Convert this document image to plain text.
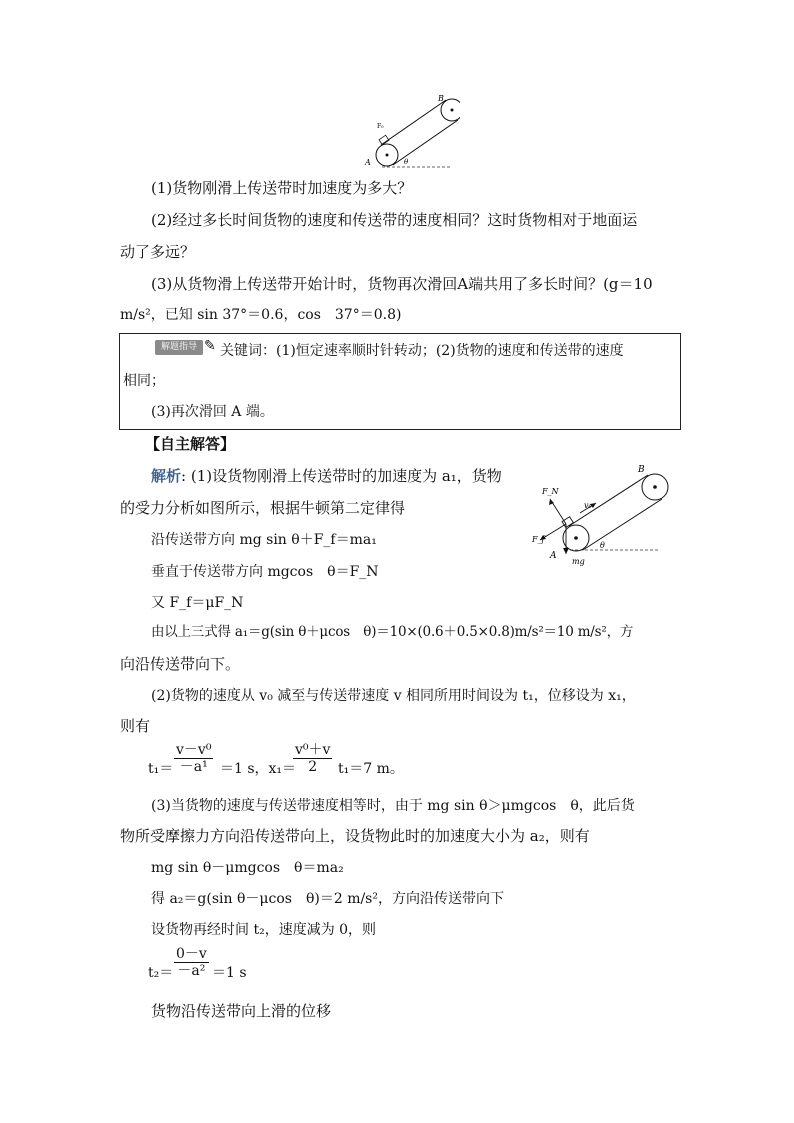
B
A
F₀
θ
(1)货物刚滑上传送带时加速度为多大？
(2)经过多长时间货物的速度和传送带的速度相同？这时货物相对于地面运
动了多远？
(3)从货物滑上传送带开始计时，货物再次滑回A端共用了多长时间？(g＝10
m/s²，已知 sin 37°＝0.6，cos　37°＝0.8)
解题指导 ✎ 关键词：(1)恒定速率顺时针转动；(2)货物的速度和传送带的速度
相同；
(3)再次滑回 A 端。
【自主解答】
B
A
F_N
F_f
v₀
θ
mg
解析: (1)设货物刚滑上传送带时的加速度为 a₁，货物
的受力分析如图所示，根据牛顿第二定律得
沿传送带方向 mg sin θ＋F_f＝ma₁
垂直于传送带方向 mgcos　θ＝F_N
又 F_f＝μF_N
由以上三式得 a₁＝g(sin θ＋μcos　θ)＝10×(0.6＋0.5×0.8)m/s²＝10 m/s²，方
向沿传送带向下。
(2)货物的速度从 v₀ 减至与传送带速度 v 相同所用时间设为 t₁，位移设为 x₁，
则有
$t_1= \frac{\text{v－v⁰}}{\text{－a¹}} =1$ s，x₁＝
$\frac{\text{v⁰＋v}}{2} t_1=7$ m。
(3)当货物的速度与传送带速度相等时，由于 mg sin θ＞μmgcos　θ，此后货
物所受摩擦力方向沿传送带向上，设货物此时的加速度大小为 a₂，则有
mg sin θ－μmgcos　θ＝ma₂
得 a₂＝g(sin θ－μcos　θ)＝2 m/s²，方向沿传送带向下
设货物再经时间 t₂，速度减为 0，则
$t_2= \frac{0-v}{\text{－a²}} =1$ s
货物沿传送带向上滑的位移
